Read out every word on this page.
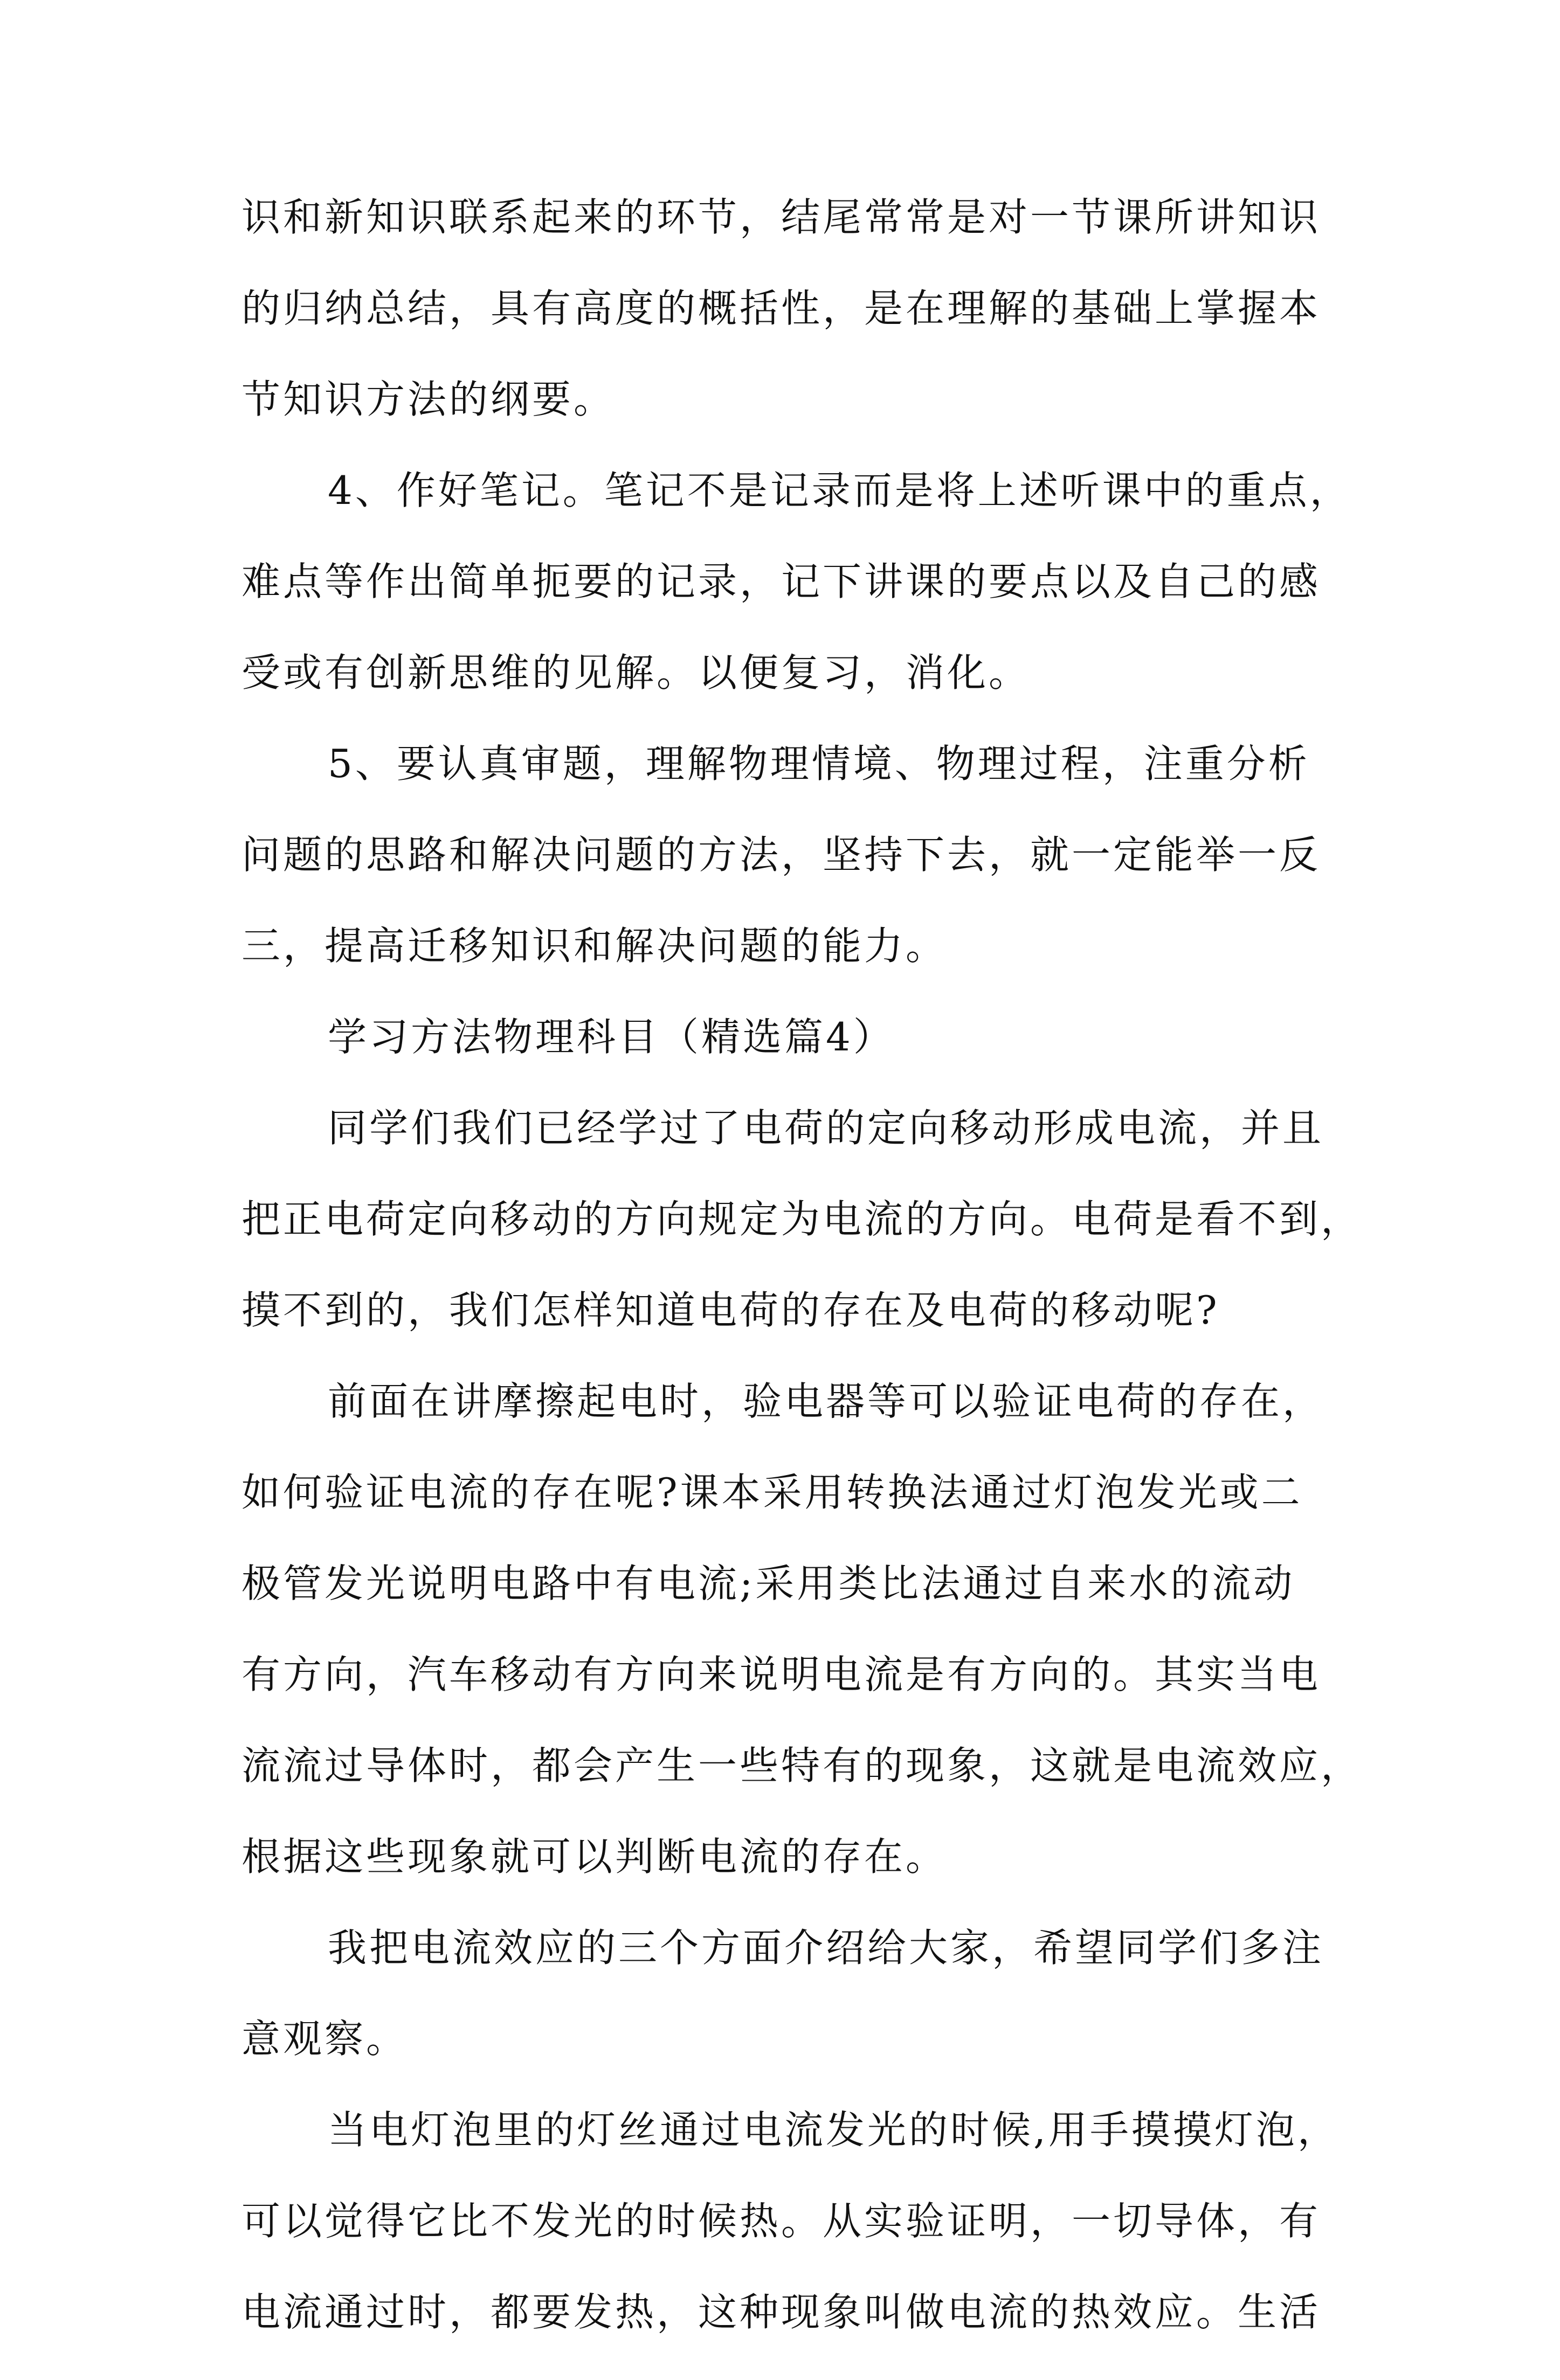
识和新知识联系起来的环节，结尾常常是对一节课所讲知识
的归纳总结，具有高度的概括性，是在理解的基础上掌握本
节知识方法的纲要。
4、作好笔记。笔记不是记录而是将上述听课中的重点，
难点等作出简单扼要的记录，记下讲课的要点以及自己的感
受或有创新思维的见解。以便复习，消化。
5、要认真审题，理解物理情境、物理过程，注重分析
问题的思路和解决问题的方法，坚持下去，就一定能举一反
三，提高迁移知识和解决问题的能力。
学习方法物理科目（精选篇4）
同学们我们已经学过了电荷的定向移动形成电流，并且
把正电荷定向移动的方向规定为电流的方向。电荷是看不到，
摸不到的，我们怎样知道电荷的存在及电荷的移动呢?
前面在讲摩擦起电时，验电器等可以验证电荷的存在，
如何验证电流的存在呢?课本采用转换法通过灯泡发光或二
极管发光说明电路中有电流;采用类比法通过自来水的流动
有方向，汽车移动有方向来说明电流是有方向的。其实当电
流流过导体时，都会产生一些特有的现象，这就是电流效应，
根据这些现象就可以判断电流的存在。
我把电流效应的三个方面介绍给大家，希望同学们多注
意观察。
当电灯泡里的灯丝通过电流发光的时候,用手摸摸灯泡，
可以觉得它比不发光的时候热。从实验证明，一切导体，有
电流通过时，都要发热，这种现象叫做电流的热效应。生活
